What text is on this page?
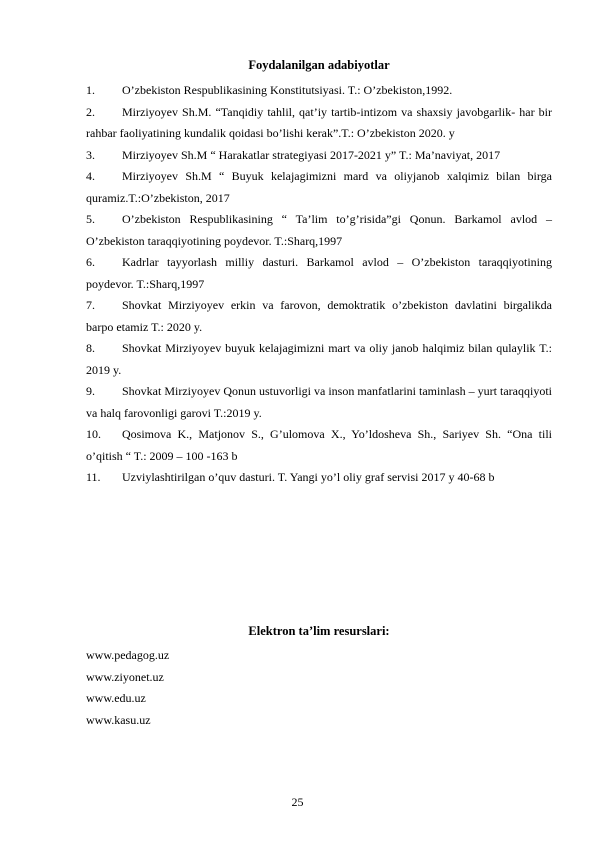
Foydalanilgan adabiyotlar
1. O’zbekiston Respublikasining Konstitutsiyasi. T.: O’zbekiston,1992.
2. Mirziyoyev Sh.M. “Tanqidiy tahlil, qat’iy tartib-intizom va shaxsiy javobgarlik- har bir rahbar faoliyatining kundalik qoidasi bo’lishi kerak”.T.: O’zbekiston 2020. y
3. Mirziyoyev Sh.M “ Harakatlar strategiyasi 2017-2021 y” T.: Ma’naviyat, 2017
4. Mirziyoyev Sh.M “ Buyuk kelajagimizni mard va oliyjanob xalqimiz bilan birga quramiz.T.:O’zbekiston, 2017
5. O’zbekiston Respublikasining “ Ta’lim to’g’risida”gi Qonun. Barkamol avlod – O’zbekiston taraqqiyotining poydevor. T.:Sharq,1997
6. Kadrlar tayyorlash milliy dasturi. Barkamol avlod – O’zbekiston taraqqiyotining poydevor. T.:Sharq,1997
7. Shovkat Mirziyoyev erkin va farovon, demoktratik o’zbekiston davlatini birgalikda barpo etamiz T.: 2020 y.
8. Shovkat Mirziyoyev buyuk kelajagimizni mart va oliy janob halqimiz bilan qulaylik T.: 2019 y.
9. Shovkat Mirziyoyev Qonun ustuvorligi va inson manfatlarini taminlash – yurt taraqqiyoti va halq farovonligi garovi T.:2019 y.
10. Qosimova K., Matjonov S., G’ulomova X., Yo’ldosheva Sh., Sariyev Sh. “Ona tili o’qitish “ T.: 2009 – 100 -163 b
11. Uzviylashtirilgan o’quv dasturi. T. Yangi yo’l oliy graf servisi 2017 y 40-68 b
Elektron ta’lim resurslari:
www.pedagog.uz
www.ziyonet.uz
www.edu.uz
www.kasu.uz
25
